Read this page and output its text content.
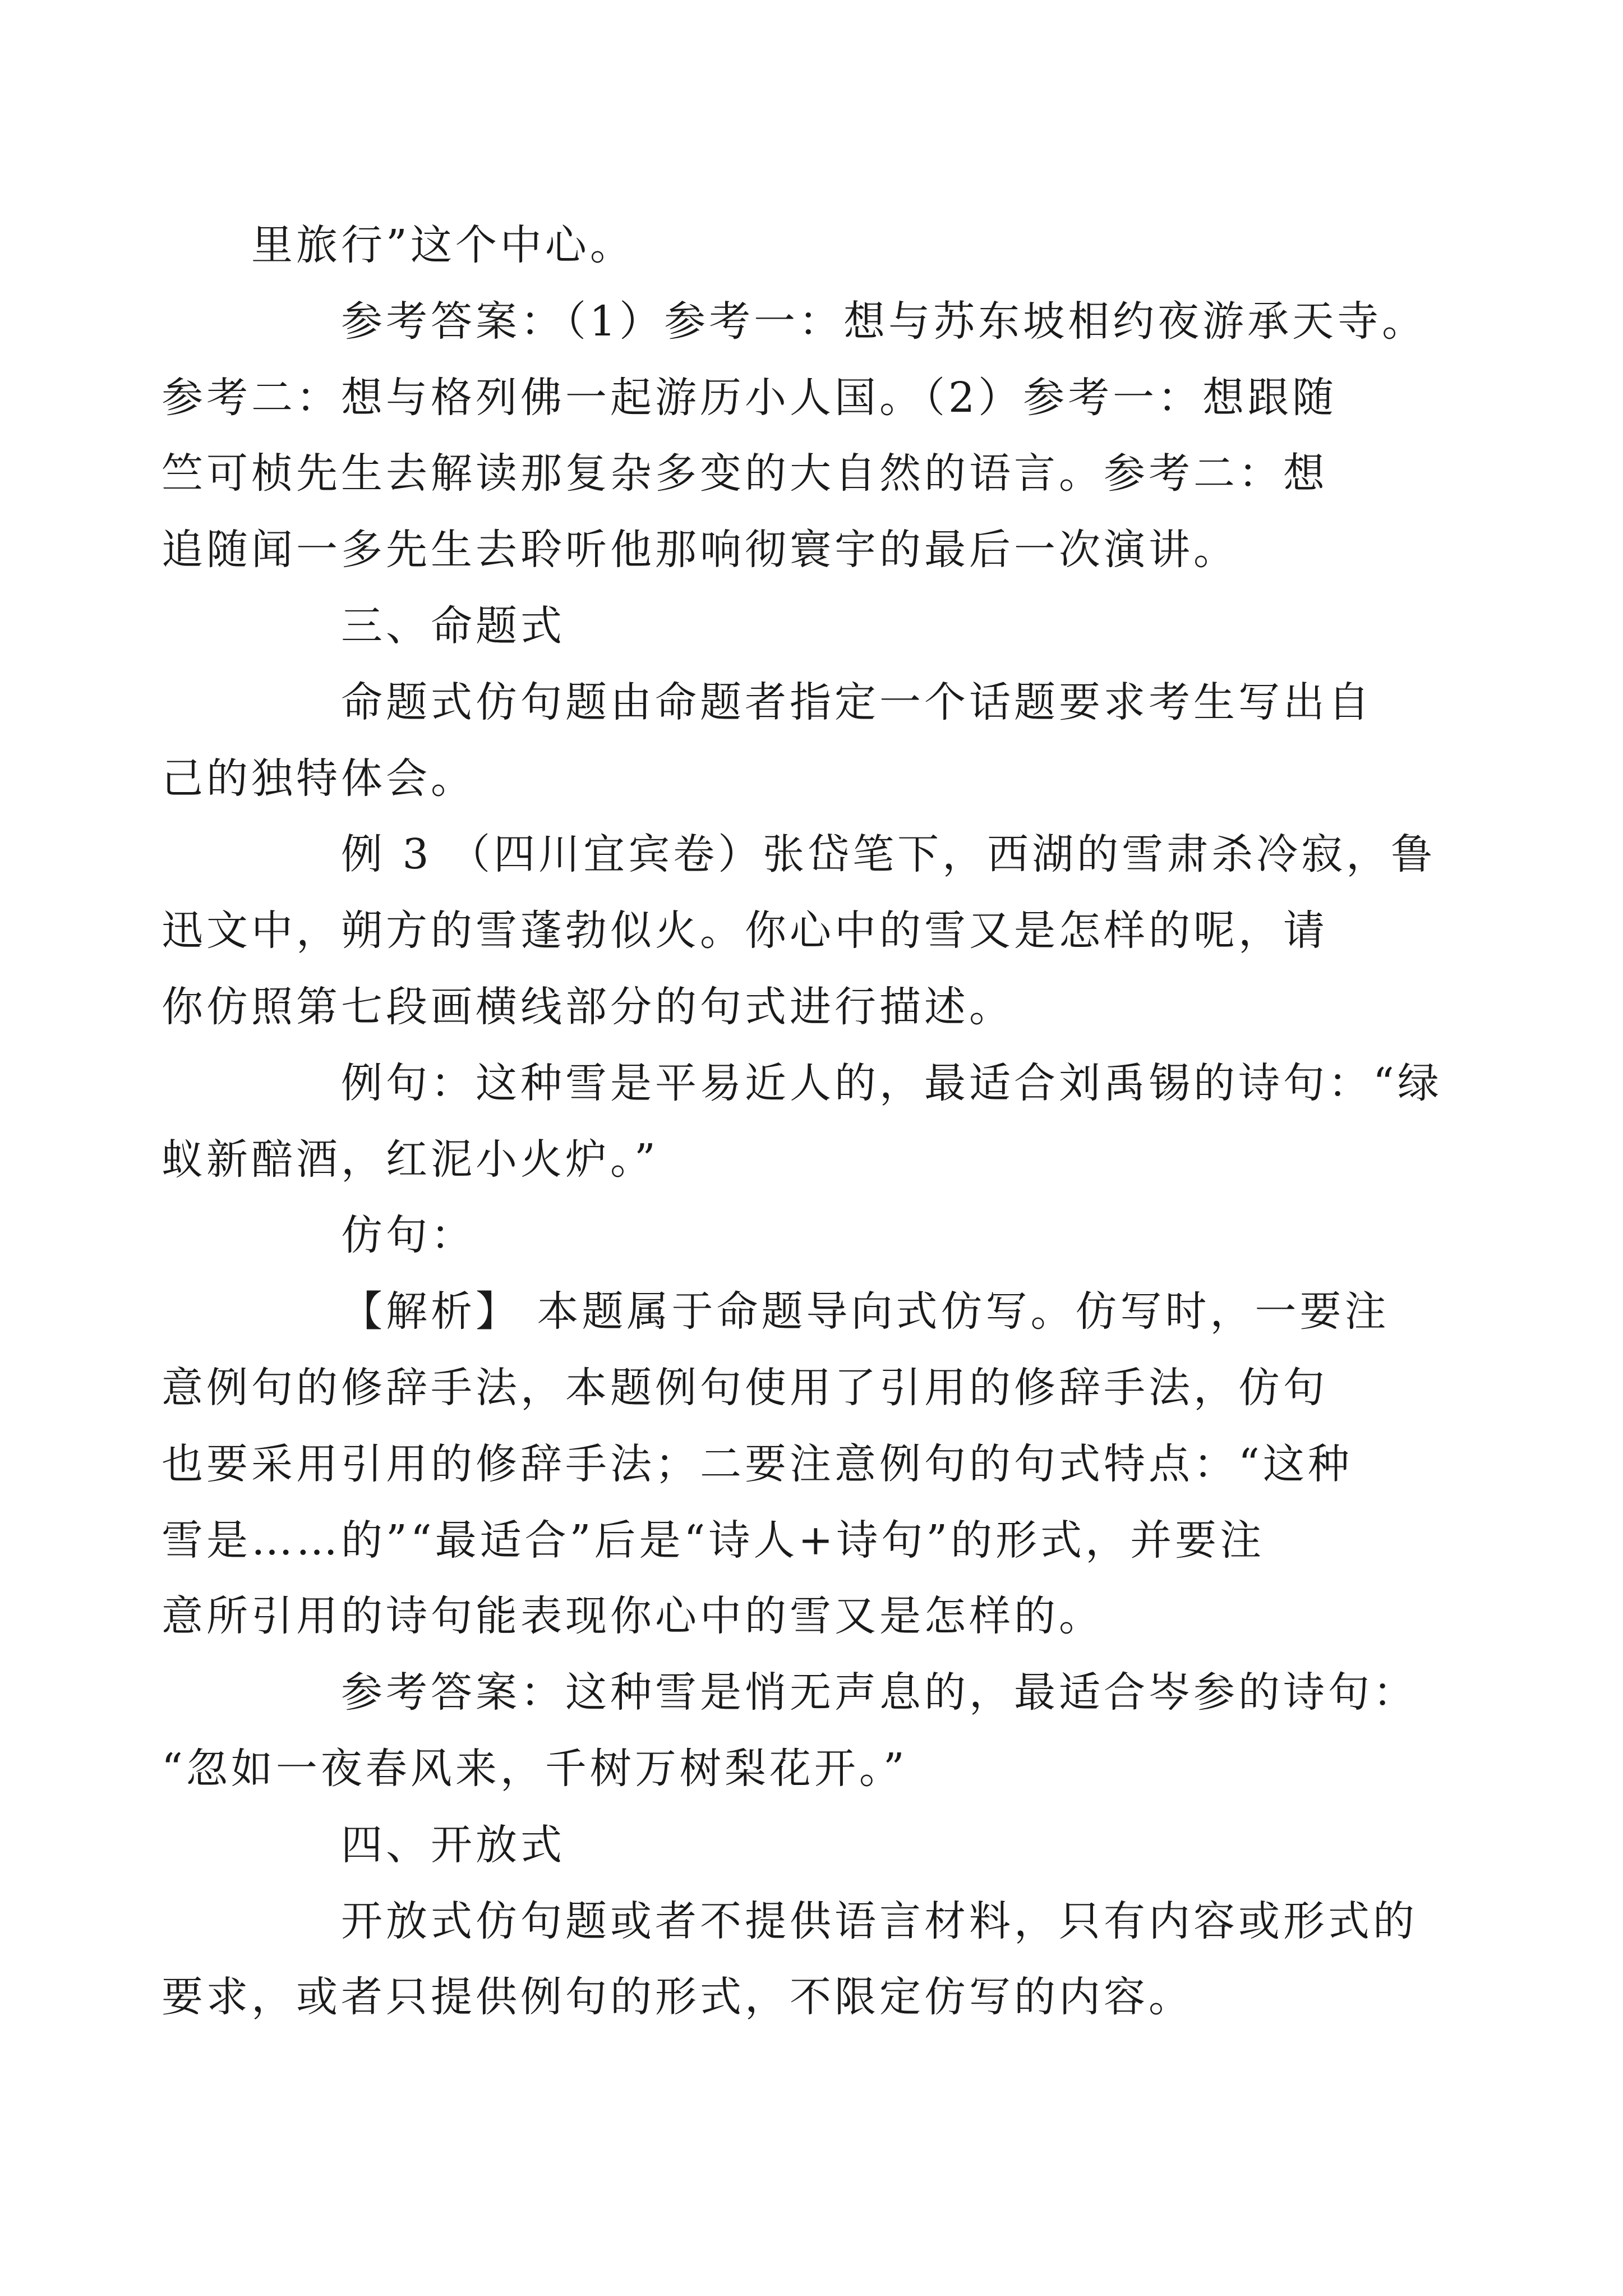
里旅行”这个中心。

参考答案：（1）参考一：想与苏东坡相约夜游承天寺。
参考二：想与格列佛一起游历小人国。（2）参考一：想跟随
竺可桢先生去解读那复杂多变的大自然的语言。参考二：想
追随闻一多先生去聆听他那响彻寰宇的最后一次演讲。

三、命题式

命题式仿句题由命题者指定一个话题要求考生写出自
己的独特体会。

例 3 （四川宜宾卷）张岱笔下，西湖的雪肃杀冷寂，鲁
迅文中，朔方的雪蓬勃似火。你心中的雪又是怎样的呢，请
你仿照第七段画横线部分的句式进行描述。

例句：这种雪是平易近人的，最适合刘禹锡的诗句：“绿
蚁新醅酒，红泥小火炉。”

仿句：

【解析】 本题属于命题导向式仿写。仿写时，一要注
意例句的修辞手法，本题例句使用了引用的修辞手法，仿句
也要采用引用的修辞手法；二要注意例句的句式特点：“这种
雪是……的”“最适合”后是“诗人+诗句”的形式，并要注
意所引用的诗句能表现你心中的雪又是怎样的。

参考答案：这种雪是悄无声息的，最适合岑参的诗句：
“忽如一夜春风来，千树万树梨花开。”

四、开放式

开放式仿句题或者不提供语言材料，只有内容或形式的
要求，或者只提供例句的形式，不限定仿写的内容。
